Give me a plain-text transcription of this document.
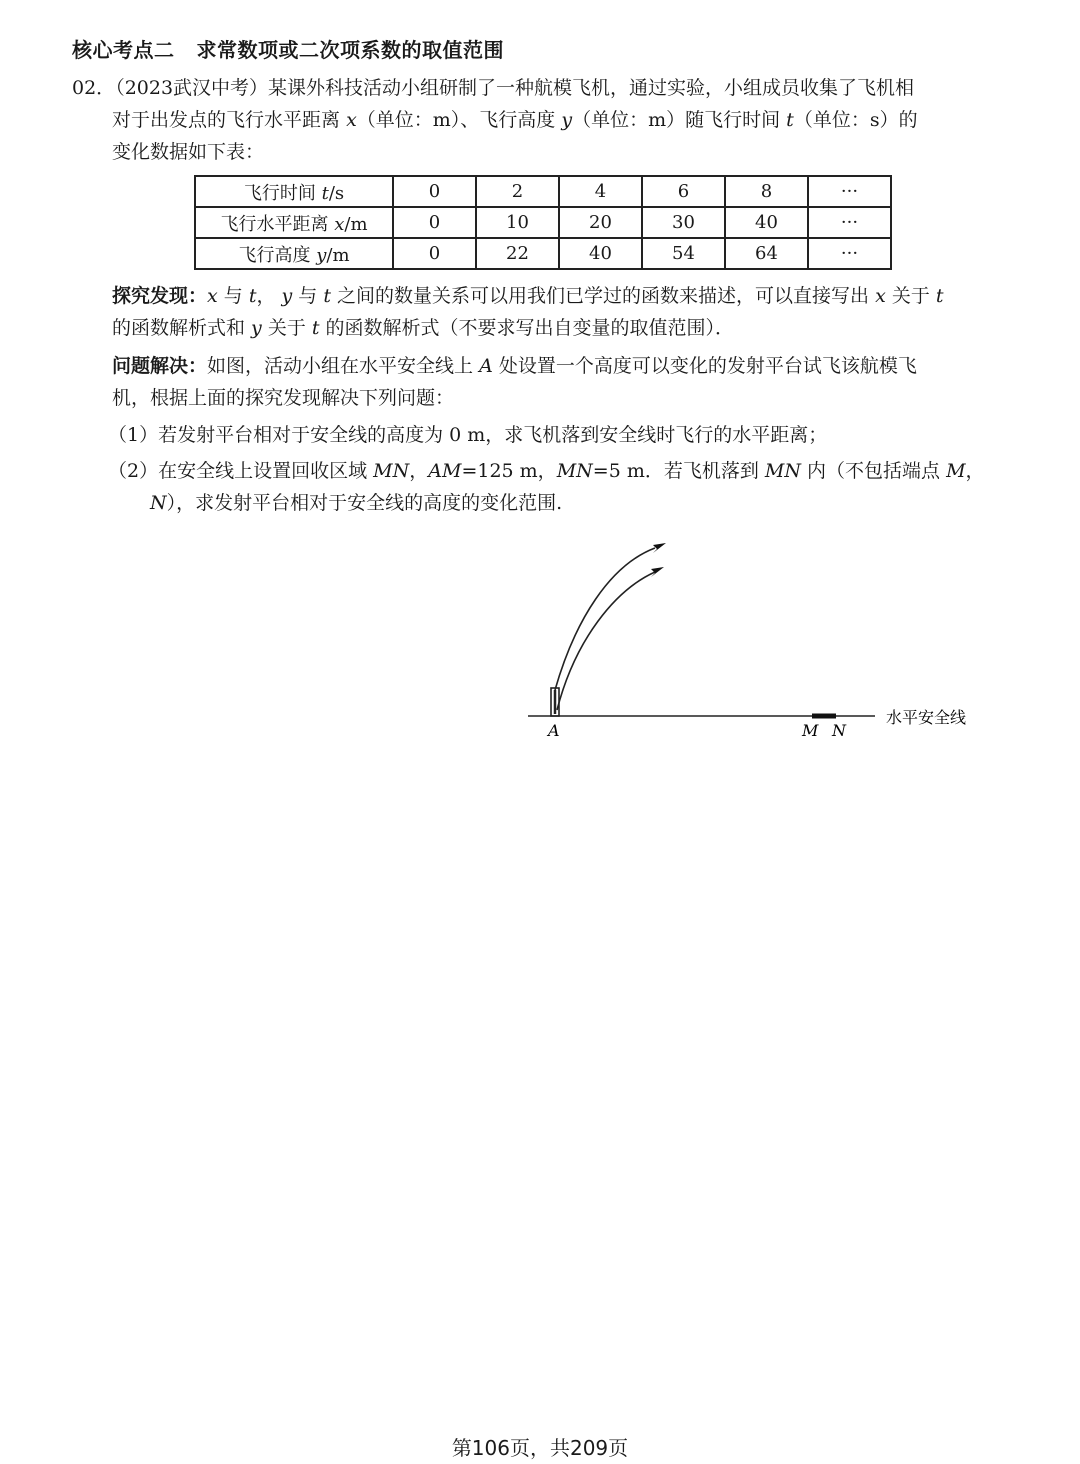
核心考点二 求常数项或二次项系数的取值范围
02．（2023武汉中考）某课外科技活动小组研制了一种航模飞机，通过实验，小组成员收集了飞机相
对于出发点的飞行水平距离 x（单位：m）、飞行高度 y（单位：m）随飞行时间 t（单位：s）的
变化数据如下表：
飞行时间 t/s	0	2	4	6	8	···
飞行水平距离 x/m	0	10	20	30	40	···
飞行高度 y/m	0	22	40	54	64	···
探究发现：x 与 t， y 与 t 之间的数量关系可以用我们已学过的函数来描述，可以直接写出 x 关于 t
的函数解析式和 y 关于 t 的函数解析式（不要求写出自变量的取值范围）．
问题解决：如图，活动小组在水平安全线上 A 处设置一个高度可以变化的发射平台试飞该航模飞
机，根据上面的探究发现解决下列问题：
（1）若发射平台相对于安全线的高度为 0 m，求飞机落到安全线时飞行的水平距离；
（2）在安全线上设置回收区域 MN，AM=125 m，MN=5 m．若飞机落到 MN 内（不包括端点 M，
N），求发射平台相对于安全线的高度的变化范围.
A	M N
水平安全线
第106页，共209页
